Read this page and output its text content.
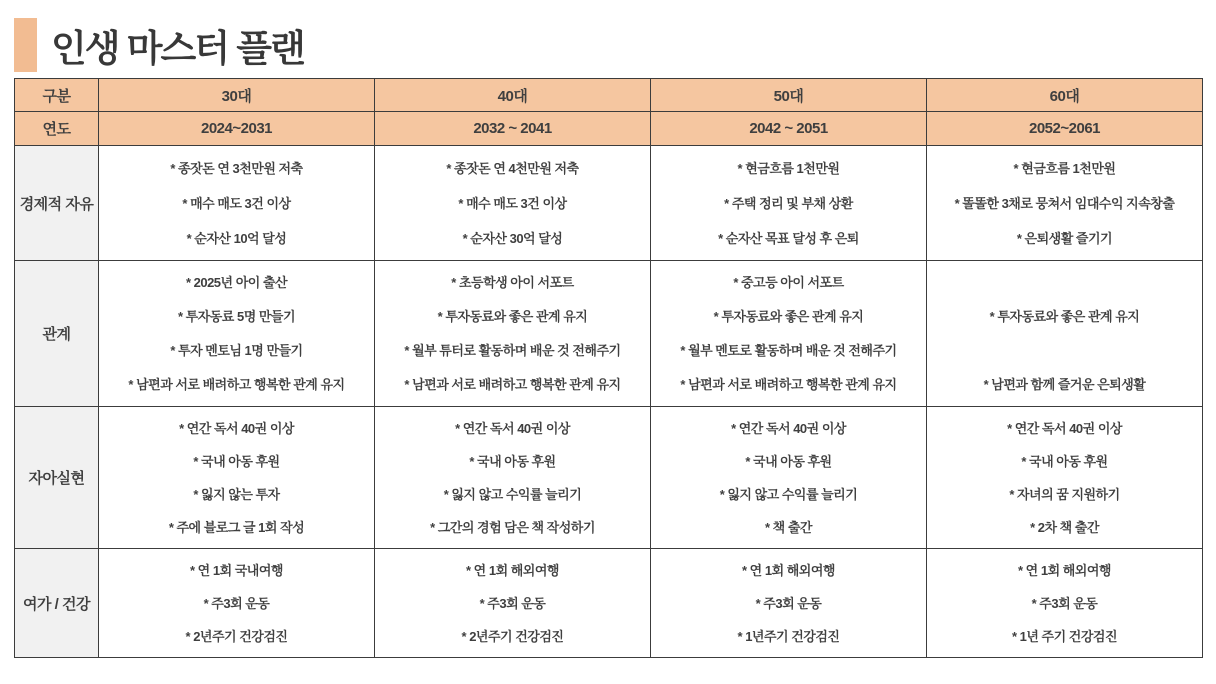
인생 마스터 플랜
구분	30대	40대	50대	60대
연도	2024~2031	2032 ~ 2041	2042 ~ 2051	2052~2061
경제적 자유	
* 종잣돈 연 3천만원 저축
* 매수 매도 3건 이상
* 순자산 10억 달성

* 종잣돈 연 4천만원 저축
* 매수 매도 3건 이상
* 순자산 30억 달성

* 현금흐름 1천만원
* 주택 정리 및 부채 상환
* 순자산 목표 달성 후 은퇴

* 현금흐름 1천만원
* 똘똘한 3채로 뭉쳐서 임대수익 지속창출
* 은퇴생활 즐기기

관계	
* 2025년 아이 출산
* 투자동료 5명 만들기
* 투자 멘토님 1명 만들기
* 남편과 서로 배려하고 행복한 관계 유지

* 초등학생 아이 서포트
* 투자동료와 좋은 관계 유지
* 월부 튜터로 활동하며 배운 것 전해주기
* 남편과 서로 배려하고 행복한 관계 유지

* 중고등 아이 서포트
* 투자동료와 좋은 관계 유지
* 월부 멘토로 활동하며 배운 것 전해주기
* 남편과 서로 배려하고 행복한 관계 유지

* 투자동료와 좋은 관계 유지
* 남편과 함께 즐거운 은퇴생활

자아실현	
* 연간 독서 40권 이상
* 국내 아동 후원
* 잃지 않는 투자
* 주에 블로그 글 1회 작성

* 연간 독서 40권 이상
* 국내 아동 후원
* 잃지 않고 수익률 늘리기
* 그간의 경험 담은 책 작성하기

* 연간 독서 40권 이상
* 국내 아동 후원
* 잃지 않고 수익률 늘리기
* 책 출간

* 연간 독서 40권 이상
* 국내 아동 후원
* 자녀의 꿈 지원하기
* 2차 책 출간

여가 / 건강	
* 연 1회 국내여행
* 주3회 운동
* 2년주기 건강검진

* 연 1회 해외여행
* 주3회 운동
* 2년주기 건강검진

* 연 1회 해외여행
* 주3회 운동
* 1년주기 건강검진

* 연 1회 해외여행
* 주3회 운동
* 1년 주기 건강검진
